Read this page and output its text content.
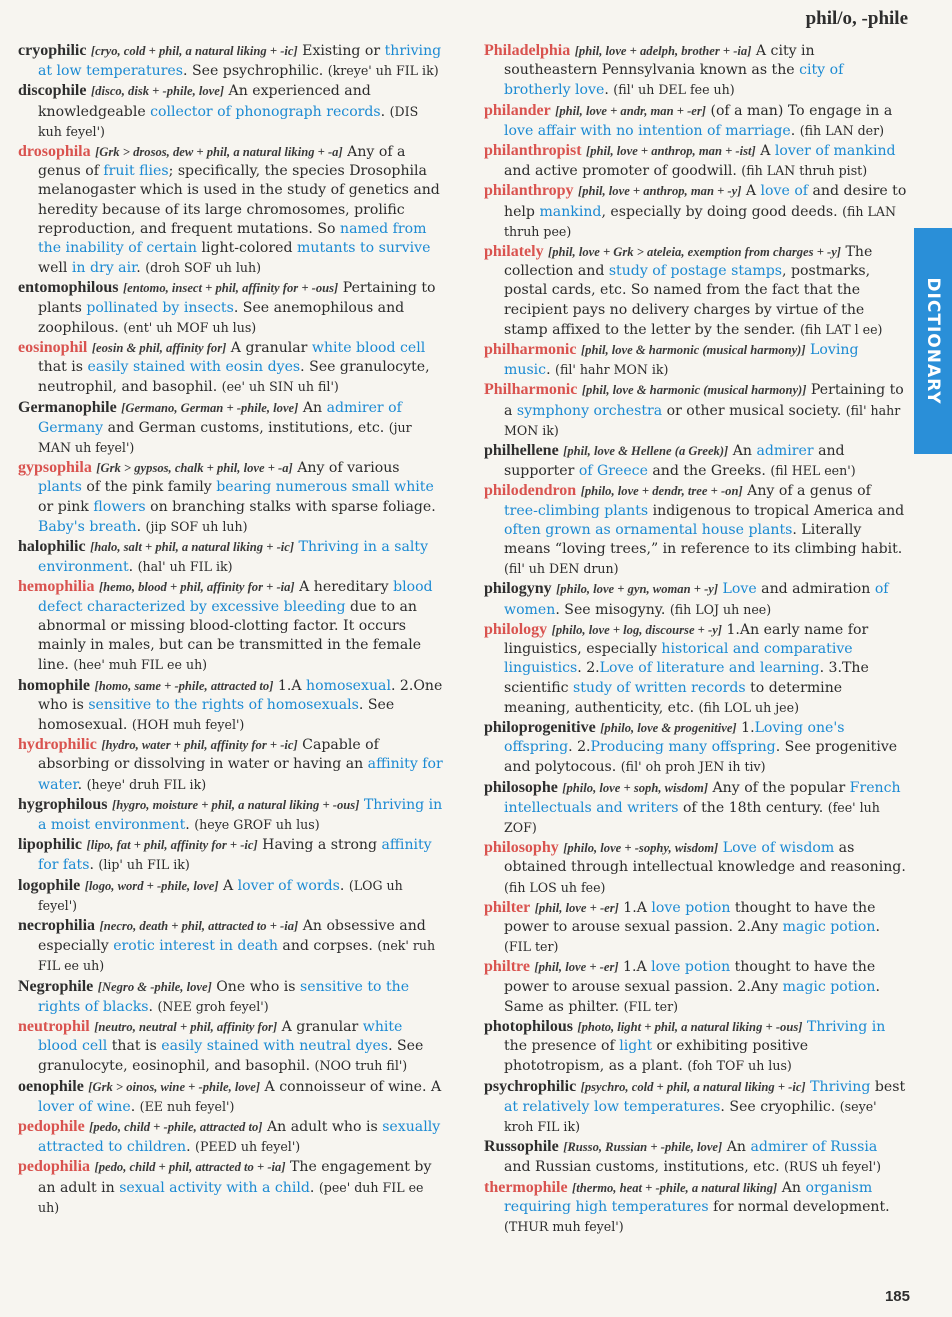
phil/o, -phile

cryophilic [cryo, cold + phil, a natural liking + -ic] Existing or thriving at low temperatures. See psychrophilic. (kreye' uh FIL ik)

discophile [disco, disk + -phile, love] An experienced and knowledgeable collector of phonograph records. (DIS kuh feyel')

drosophila [Grk > drosos, dew + phil, a natural liking + -a] Any of a genus of fruit flies; specifically, the species Drosophila melanogaster which is used in the study of genetics and heredity because of its large chromosomes, prolific reproduction, and frequent mutations. So named from the inability of certain light-colored mutants to survive well in dry air. (droh SOF uh luh)

entomophilous [entomo, insect + phil, affinity for + -ous] Pertaining to plants pollinated by insects. See anemophilous and zoophilous. (ent' uh MOF uh lus)

eosinophil [eosin & phil, affinity for] A granular white blood cell that is easily stained with eosin dyes. See granulocyte, neutrophil, and basophil. (ee' uh SIN uh fil')

Germanophile [Germano, German + -phile, love] An admirer of Germany and German customs, institutions, etc. (jur MAN uh feyel')

gypsophila [Grk > gypsos, chalk + phil, love + -a] Any of various plants of the pink family bearing numerous small white or pink flowers on branching stalks with sparse foliage. Baby's breath. (jip SOF uh luh)

halophilic [halo, salt + phil, a natural liking + -ic] Thriving in a salty environment. (hal' uh FIL ik)

hemophilia [hemo, blood + phil, affinity for + -ia] A hereditary blood defect characterized by excessive bleeding due to an abnormal or missing blood-clotting factor. It occurs mainly in males, but can be transmitted in the female line. (hee' muh FIL ee uh)

homophile [homo, same + -phile, attracted to] 1.A homosexual. 2.One who is sensitive to the rights of homosexuals. See homosexual. (HOH muh feyel')

hydrophilic [hydro, water + phil, affinity for + -ic] Capable of absorbing or dissolving in water or having an affinity for water. (heye' druh FIL ik)

hygrophilous [hygro, moisture + phil, a natural liking + -ous] Thriving in a moist environment. (heye GROF uh lus)

lipophilic [lipo, fat + phil, affinity for + -ic] Having a strong affinity for fats. (lip' uh FIL ik)

logophile [logo, word + -phile, love] A lover of words. (LOG uh feyel')

necrophilia [necro, death + phil, attracted to + -ia] An obsessive and especially erotic interest in death and corpses. (nek' ruh FIL ee uh)

Negrophile [Negro & -phile, love] One who is sensitive to the rights of blacks. (NEE groh feyel')

neutrophil [neutro, neutral + phil, affinity for] A granular white blood cell that is easily stained with neutral dyes. See granulocyte, eosinophil, and basophil. (NOO truh fil')

oenophile [Grk > oinos, wine + -phile, love] A connoisseur of wine. A lover of wine. (EE nuh feyel')

pedophile [pedo, child + -phile, attracted to] An adult who is sexually attracted to children. (PEED uh feyel')

pedophilia [pedo, child + phil, attracted to + -ia] The engagement by an adult in sexual activity with a child. (pee' duh FIL ee uh)

Philadelphia [phil, love + adelph, brother + -ia] A city in southeastern Pennsylvania known as the city of brotherly love. (fil' uh DEL fee uh)

philander [phil, love + andr, man + -er] (of a man) To engage in a love affair with no intention of marriage. (fih LAN der)

philanthropist [phil, love + anthrop, man + -ist] A lover of mankind and active promoter of goodwill. (fih LAN thruh pist)

philanthropy [phil, love + anthrop, man + -y] A love of and desire to help mankind, especially by doing good deeds. (fih LAN thruh pee)

philately [phil, love + Grk > ateleia, exemption from charges + -y] The collection and study of postage stamps, postmarks, postal cards, etc. So named from the fact that the recipient pays no delivery charges by virtue of the stamp affixed to the letter by the sender. (fih LAT l ee)

philharmonic [phil, love & harmonic (musical harmony)] Loving music. (fil' hahr MON ik)

Philharmonic [phil, love & harmonic (musical harmony)] Pertaining to a symphony orchestra or other musical society. (fil' hahr MON ik)

philhellene [phil, love & Hellene (a Greek)] An admirer and supporter of Greece and the Greeks. (fil HEL een')

philodendron [philo, love + dendr, tree + -on] Any of a genus of tree-climbing plants indigenous to tropical America and often grown as ornamental house plants. Literally means “loving trees,” in reference to its climbing habit. (fil' uh DEN drun)

philogyny [philo, love + gyn, woman + -y] Love and admiration of women. See misogyny. (fih LOJ uh nee)

philology [philo, love + log, discourse + -y] 1.An early name for linguistics, especially historical and comparative linguistics. 2.Love of literature and learning. 3.The scientific study of written records to determine meaning, authenticity, etc. (fih LOL uh jee)

philoprogenitive [philo, love & progenitive] 1.Loving one's offspring. 2.Producing many offspring. See progenitive and polytocous. (fil' oh proh JEN ih tiv)

philosophe [philo, love + soph, wisdom] Any of the popular French intellectuals and writers of the 18th century. (fee' luh ZOF)

philosophy [philo, love + -sophy, wisdom] Love of wisdom as obtained through intellectual knowledge and reasoning. (fih LOS uh fee)

philter [phil, love + -er] 1.A love potion thought to have the power to arouse sexual passion. 2.Any magic potion. (FIL ter)

philtre [phil, love + -er] 1.A love potion thought to have the power to arouse sexual passion. 2.Any magic potion. Same as philter. (FIL ter)

photophilous [photo, light + phil, a natural liking + -ous] Thriving in the presence of light or exhibiting positive phototropism, as a plant. (foh TOF uh lus)

psychrophilic [psychro, cold + phil, a natural liking + -ic] Thriving best at relatively low temperatures. See cryophilic. (seye' kroh FIL ik)

Russophile [Russo, Russian + -phile, love] An admirer of Russia and Russian customs, institutions, etc. (RUS uh feyel')

thermophile [thermo, heat + -phile, a natural liking] An organism requiring high temperatures for normal development. (THUR muh feyel')

DICTIONARY
185
